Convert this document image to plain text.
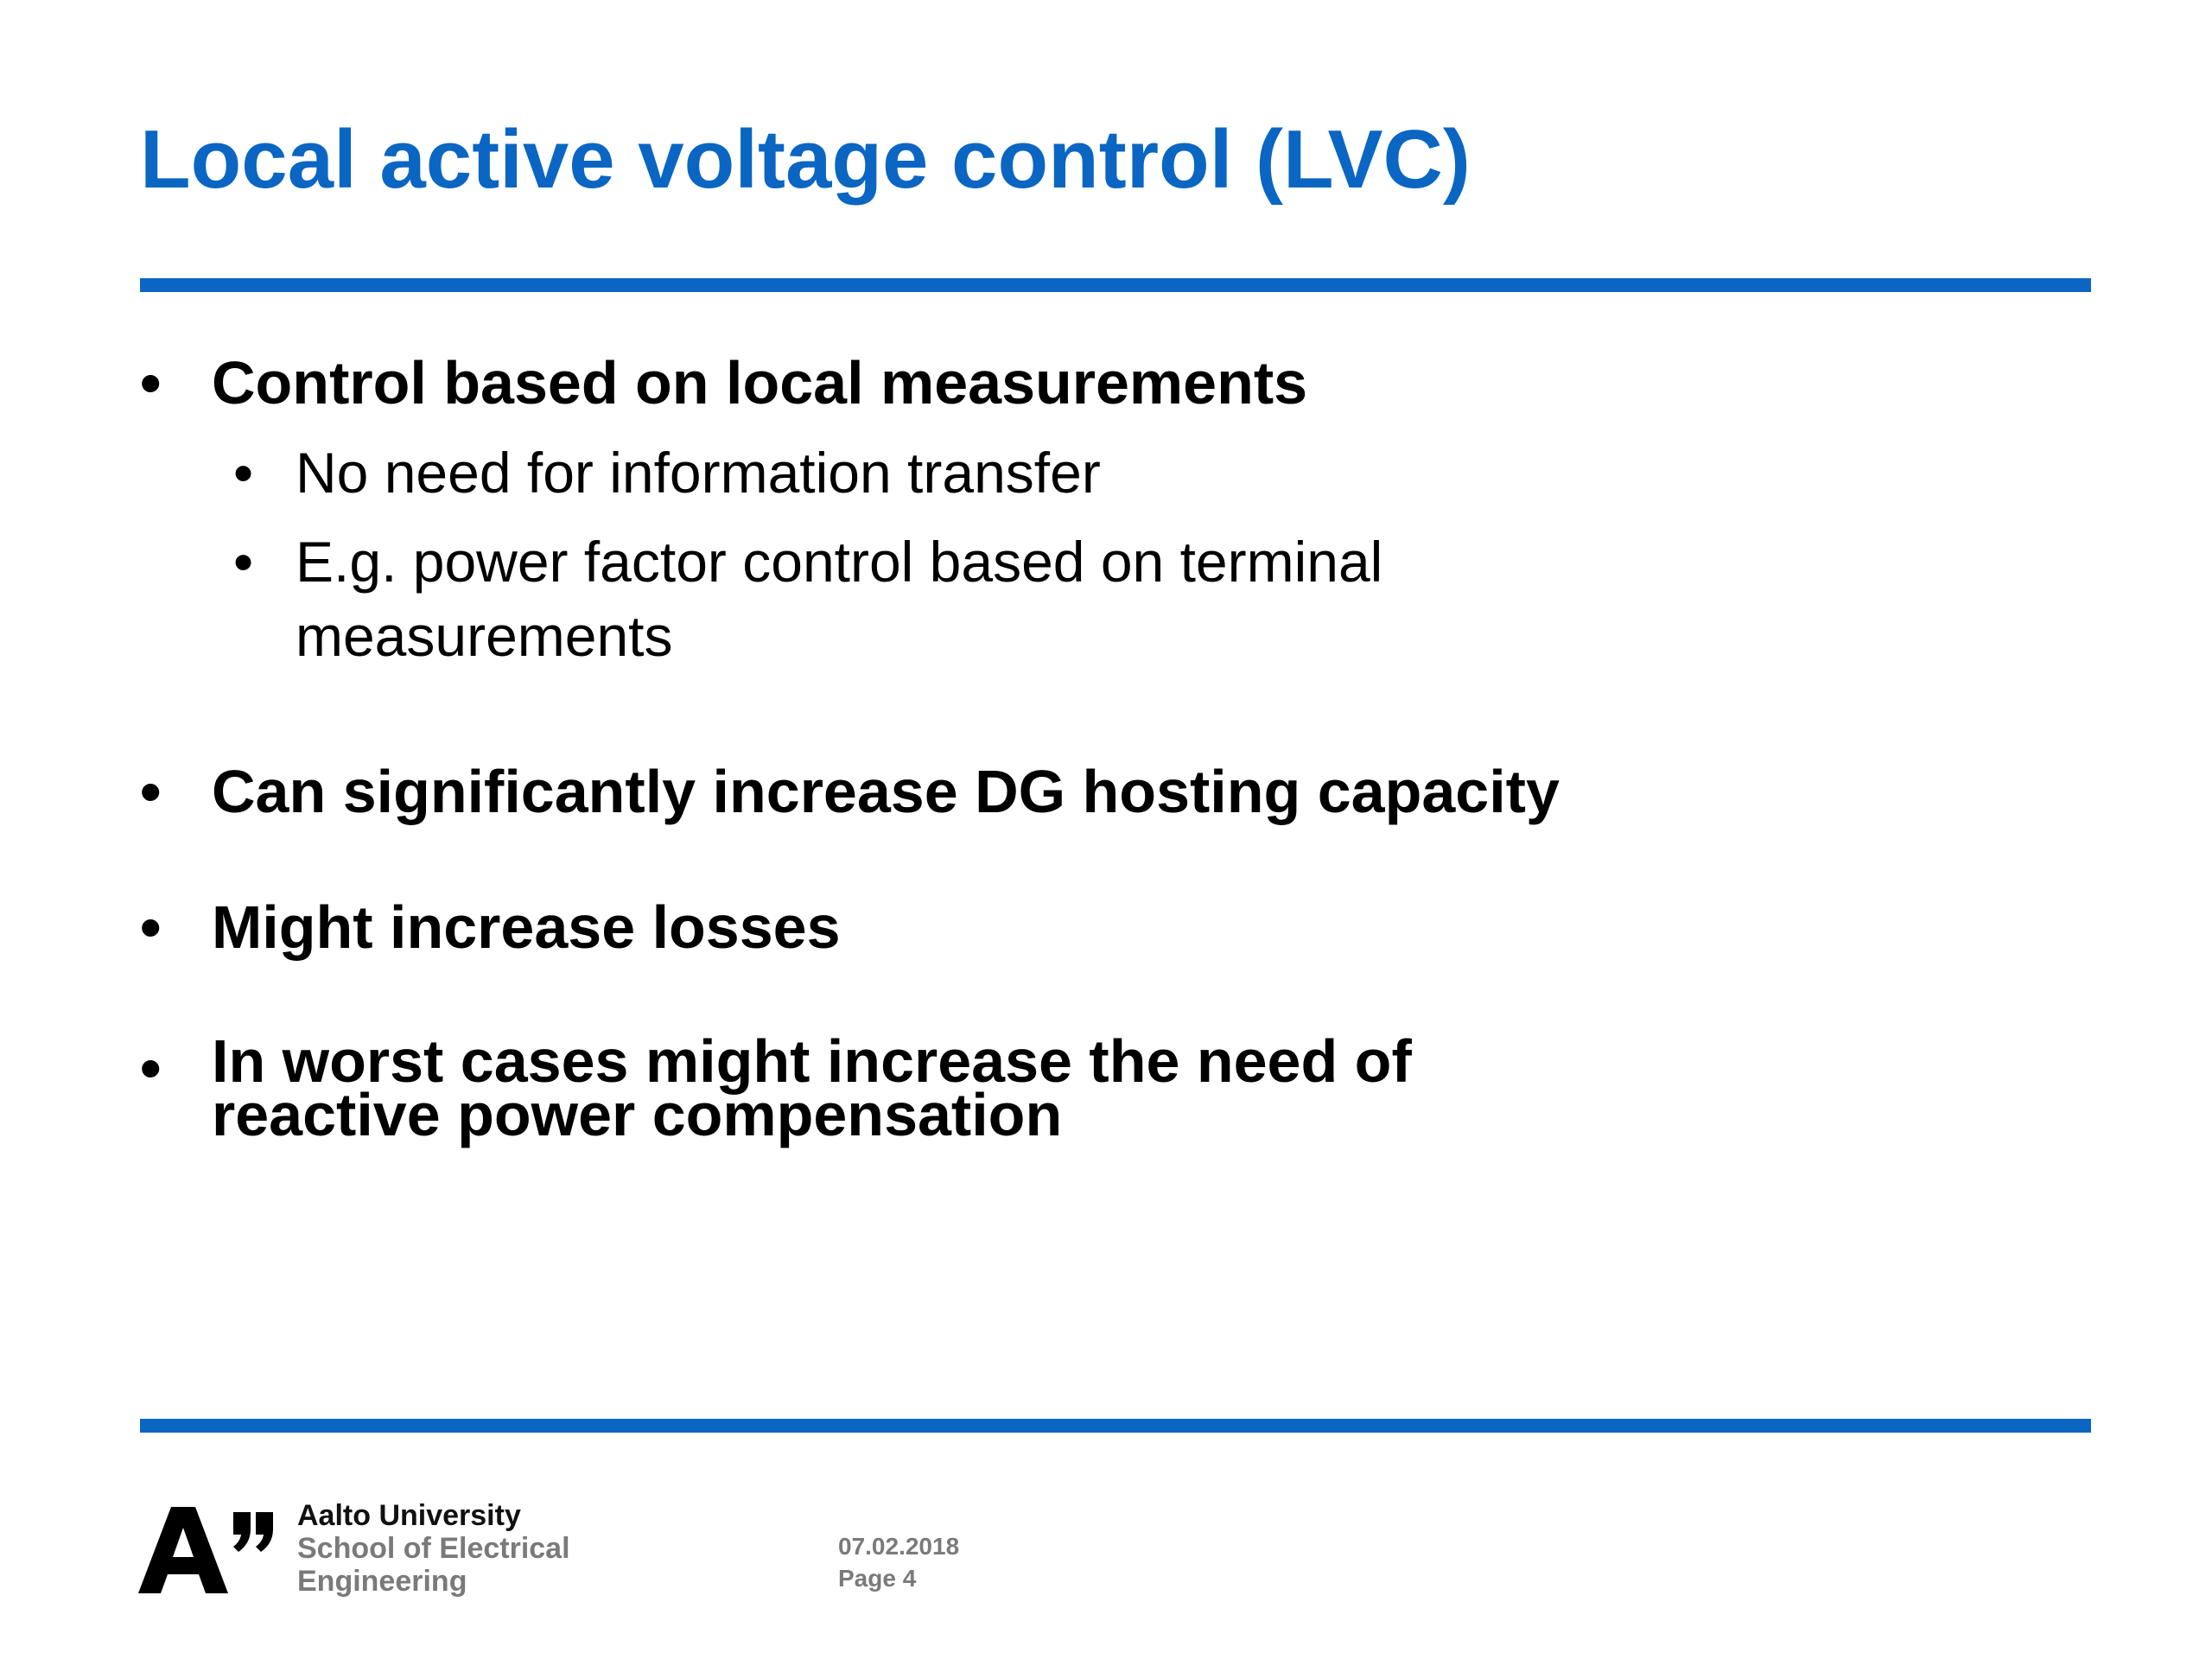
Local active voltage control (LVC)
• Control based on local measurements
• No need for information transfer
• E.g. power factor control based on terminal measurements
• Can significantly increase DG hosting capacity
• Might increase losses
• In worst cases might increase the need of reactive power compensation
Aalto University
School of Electrical
Engineering
07.02.2018
Page 4
